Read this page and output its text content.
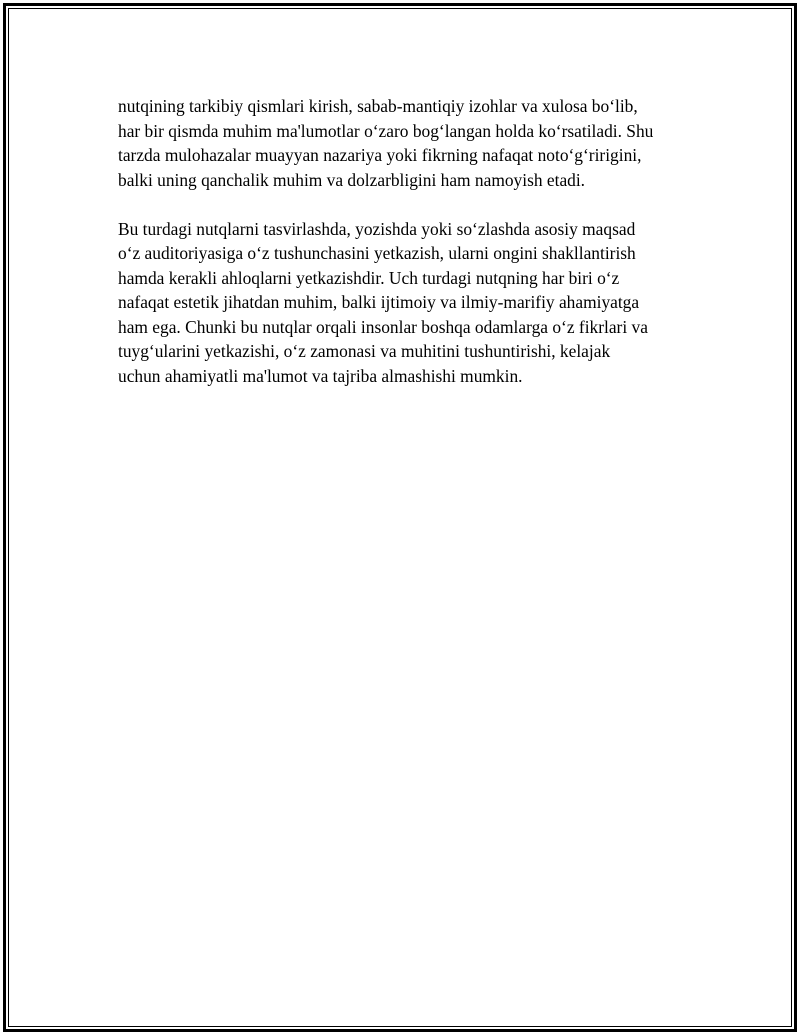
nutqining tarkibiy qismlari kirish, sabab-mantiqiy izohlar va xulosa bo‘lib,
har bir qismda muhim ma'lumotlar o‘zaro bog‘langan holda ko‘rsatiladi. Shu
tarzda mulohazalar muayyan nazariya yoki fikrning nafaqat noto‘g‘ririgini,
balki uning qanchalik muhim va dolzarbligini ham namoyish etadi.

Bu turdagi nutqlarni tasvirlashda, yozishda yoki so‘zlashda asosiy maqsad
o‘z auditoriyasiga o‘z tushunchasini yetkazish, ularni ongini shakllantirish
hamda kerakli ahloqlarni yetkazishdir. Uch turdagi nutqning har biri o‘z
nafaqat estetik jihatdan muhim, balki ijtimoiy va ilmiy-marifiy ahamiyatga
ham ega. Chunki bu nutqlar orqali insonlar boshqa odamlarga o‘z fikrlari va
tuyg‘ularini yetkazishi, o‘z zamonasi va muhitini tushuntirishi, kelajak
uchun ahamiyatli ma'lumot va tajriba almashishi mumkin.
